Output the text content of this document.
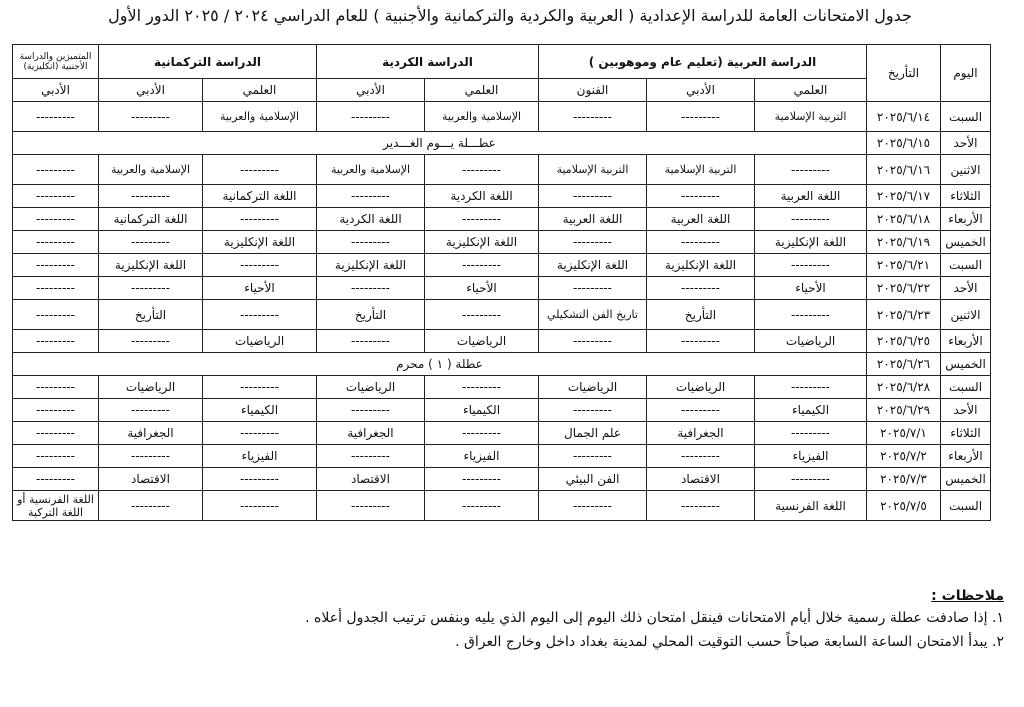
جدول الامتحانات العامة للدراسة الإعدادية ( العربية والكردية والتركمانية والأجنبية ) للعام الدراسي ٢٠٢٤ / ٢٠٢٥ الدور الأول
اليوم	التأريخ	الدراسة العربية (تعليم عام وموهوبين )			الدراسة الكردية		الدراسة التركمانية		المتميزين والدراسة الأجنبية (انكليزية)
		العلمي	الأدبي	الفنون	العلمي	الأدبي	العلمي	الأدبي	الأدبي
السبت	٢٠٢٥/٦/١٤	التربية الإسلامية	---------	---------	الإسلامية والعربية	---------	الإسلامية والعربية	---------	---------
الأحد	٢٠٢٥/٦/١٥	عطـــلة يـــوم الغـــدير							
الاثنين	٢٠٢٥/٦/١٦	---------	التربية الإسلامية	التربية الإسلامية	---------	الإسلامية والعربية	---------	الإسلامية والعربية	---------
الثلاثاء	٢٠٢٥/٦/١٧	اللغة العربية	---------	---------	اللغة الكردية	---------	اللغة التركمانية	---------	---------
الأربعاء	٢٠٢٥/٦/١٨	---------	اللغة العربية	اللغة العربية	---------	اللغة الكردية	---------	اللغة التركمانية	---------
الخميس	٢٠٢٥/٦/١٩	اللغة الإنكليزية	---------	---------	اللغة الإنكليزية	---------	اللغة الإنكليزية	---------	---------
السبت	٢٠٢٥/٦/٢١	---------	اللغة الإنكليزية	اللغة الإنكليزية	---------	اللغة الإنكليزية	---------	اللغة الإنكليزية	---------
الأحد	٢٠٢٥/٦/٢٢	الأحياء	---------	---------	الأحياء	---------	الأحياء	---------	---------
الاثنين	٢٠٢٥/٦/٢٣	---------	التأريخ	تاريخ الفن التشكيلي	---------	التأريخ	---------	التأريخ	---------
الأربعاء	٢٠٢٥/٦/٢٥	الرياضيات	---------	---------	الرياضيات	---------	الرياضيات	---------	---------
الخميس	٢٠٢٥/٦/٢٦	عطلة ( ١ ) محرم							
السبت	٢٠٢٥/٦/٢٨	---------	الرياضيات	الرياضيات	---------	الرياضيات	---------	الرياضيات	---------
الأحد	٢٠٢٥/٦/٢٩	الكيمياء	---------	---------	الكيمياء	---------	الكيمياء	---------	---------
الثلاثاء	٢٠٢٥/٧/١	---------	الجغرافية	علم الجمال	---------	الجغرافية	---------	الجغرافية	---------
الأربعاء	٢٠٢٥/٧/٢	الفيزياء	---------	---------	الفيزياء	---------	الفيزياء	---------	---------
الخميس	٢٠٢٥/٧/٣	---------	الاقتصاد	الفن البيئي	---------	الاقتصاد	---------	الاقتصاد	---------
السبت	٢٠٢٥/٧/٥	اللغة الفرنسية	---------	---------	---------	---------	---------	---------	اللغة الفرنسية أو اللغة التركية
ملاحظات :
١. إذا صادفت عطلة رسمية خلال أيام الامتحانات فينقل امتحان ذلك اليوم إلى اليوم الذي يليه وبنفس ترتيب الجدول أعلاه .
٢. يبدأ الامتحان الساعة السابعة صباحاً حسب التوقيت المحلي لمدينة بغداد داخل وخارج العراق .
